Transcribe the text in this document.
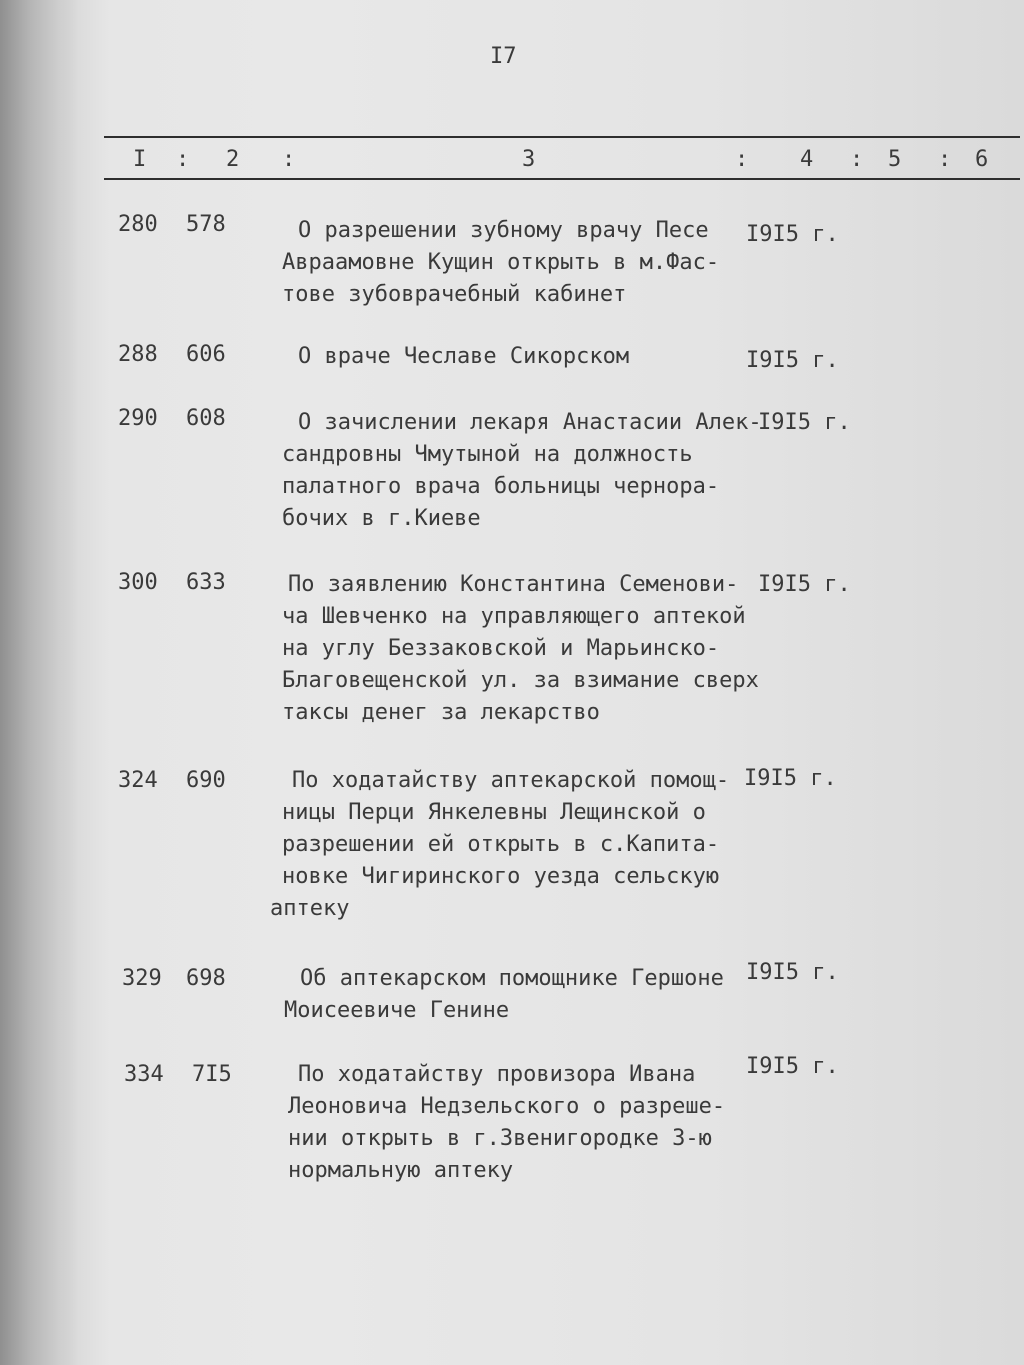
I7
I : 2 :	3	: 4 : 5 : 6
280 578	О разрешении зубному врачу Песе
Авраамовне Кущин открыть в м.Фас-
тове зубоврачебный кабинет
I9I5 г.
288 606	О враче Чеславе Сикорском	I9I5 г.
290 608	О зачислении лекаря Анастасии Алек-
сандровны Чмутыной на должность
палатного врача больницы чернора-
бочих в г.Киеве
I9I5 г.
300 633	По заявлению Константина Семенови-
ча Шевченко на управляющего аптекой
на углу Беззаковской и Марьинско-
Благовещенской ул. за взимание сверх
таксы денег за лекарство
I9I5 г.
324 690	По ходатайству аптекарской помощ-
ницы Перци Янкелевны Лещинской о
разрешении ей открыть в с.Капита-
новке Чигиринского уезда сельскую
аптеку
I9I5 г.
329 698	Об аптекарском помощнике Гершоне
Моисеевиче Генине
I9I5 г.
334 7I5	По ходатайству провизора Ивана
Леоновича Недзельского о разреше-
нии открыть в г.Звенигородке 3-ю
нормальную аптеку
I9I5 г.
